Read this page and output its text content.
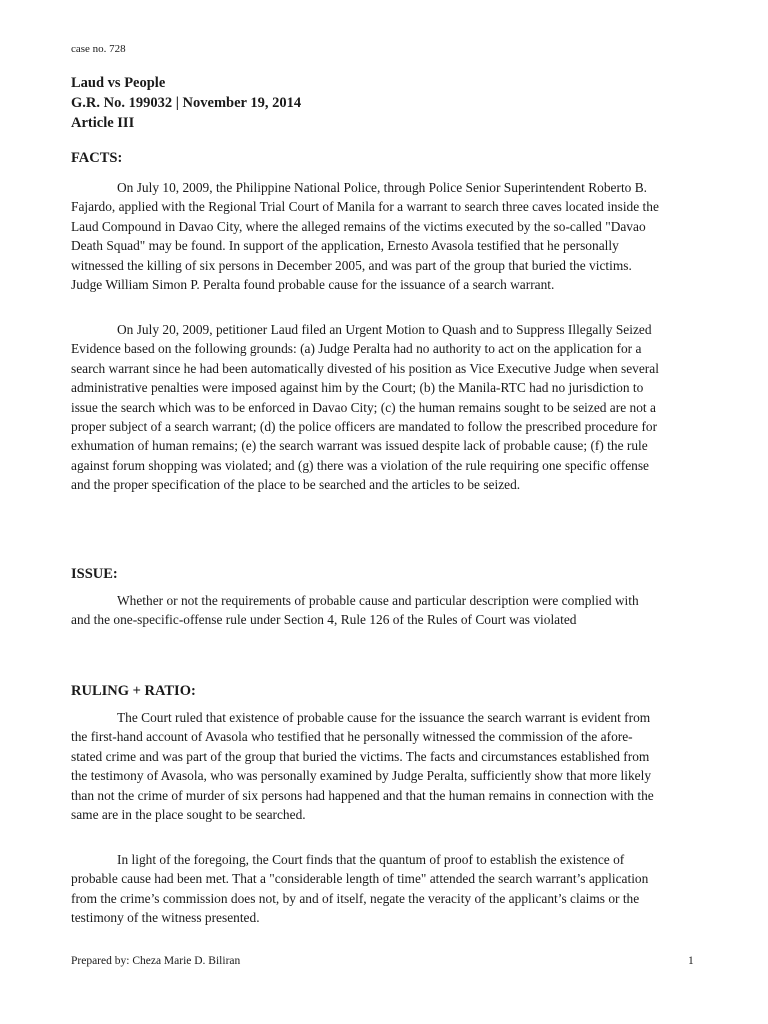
case no. 728
Laud vs People
G.R. No. 199032 | November 19, 2014
Article III
FACTS:

On July 10, 2009, the Philippine National Police, through Police Senior Superintendent Roberto B. Fajardo, applied with the Regional Trial Court of Manila for a warrant to search three caves located inside the Laud Compound in Davao City, where the alleged remains of the victims executed by the so-called "Davao Death Squad" may be found. In support of the application, Ernesto Avasola testified that he personally witnessed the killing of six persons in December 2005, and was part of the group that buried the victims. Judge William Simon P. Peralta found probable cause for the issuance of a search warrant.

On July 20, 2009, petitioner Laud filed an Urgent Motion to Quash and to Suppress Illegally Seized Evidence based on the following grounds: (a) Judge Peralta had no authority to act on the application for a search warrant since he had been automatically divested of his position as Vice Executive Judge when several administrative penalties were imposed against him by the Court; (b) the Manila-RTC had no jurisdiction to issue the search which was to be enforced in Davao City; (c) the human remains sought to be seized are not a proper subject of a search warrant; (d) the police officers are mandated to follow the prescribed procedure for exhumation of human remains; (e) the search warrant was issued despite lack of probable cause; (f) the rule against forum shopping was violated; and (g) there was a violation of the rule requiring one specific offense and the proper specification of the place to be searched and the articles to be seized.

ISSUE:

Whether or not the requirements of probable cause and particular description were complied with and the one-specific-offense rule under Section 4, Rule 126 of the Rules of Court was violated

RULING + RATIO:

The Court ruled that existence of probable cause for the issuance the search warrant is evident from the first-hand account of Avasola who testified that he personally witnessed the commission of the afore-stated crime and was part of the group that buried the victims. The facts and circumstances established from the testimony of Avasola, who was personally examined by Judge Peralta, sufficiently show that more likely than not the crime of murder of six persons had happened and that the human remains in connection with the same are in the place sought to be searched.

In light of the foregoing, the Court finds that the quantum of proof to establish the existence of probable cause had been met. That a "considerable length of time" attended the search warrant’s application from the crime’s commission does not, by and of itself, negate the veracity of the applicant’s claims or the testimony of the witness presented.

Prepared by: Cheza Marie D. Biliran	1
